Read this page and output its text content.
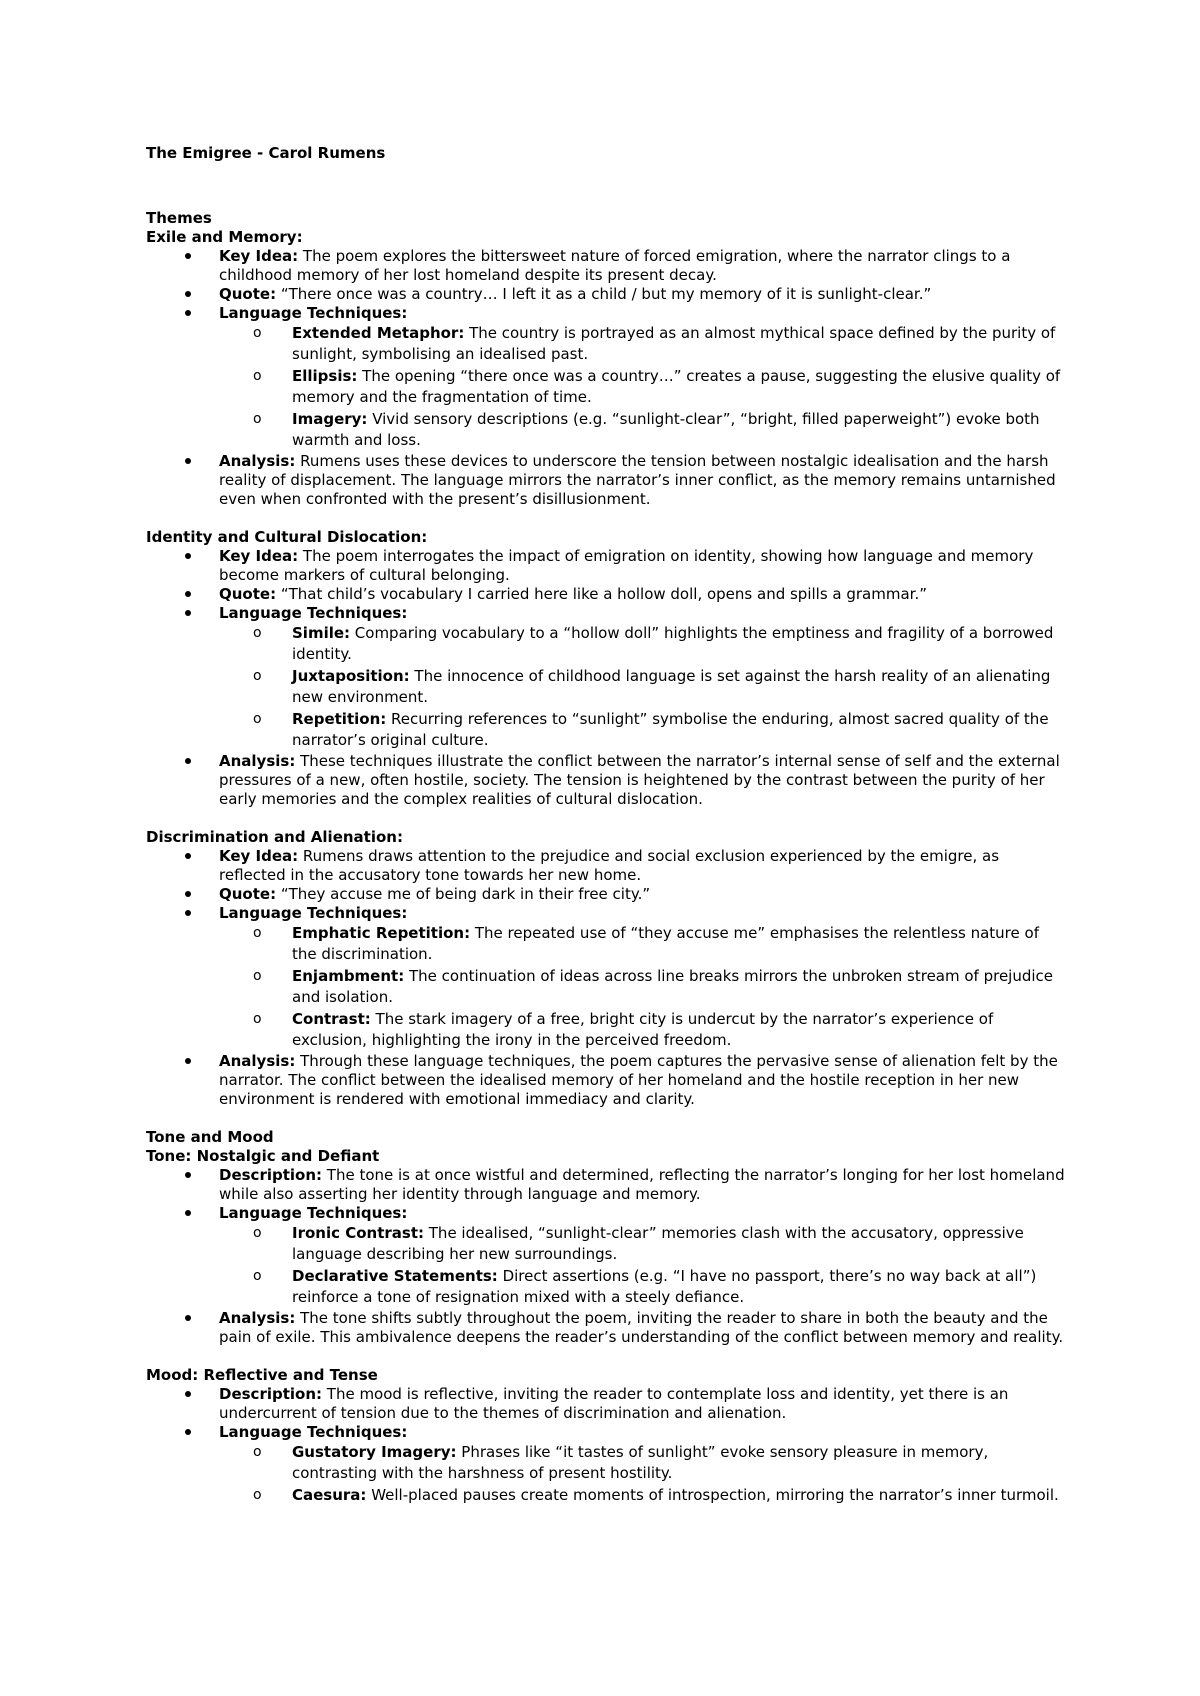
The Emigree - Carol Rumens

Themes

Exile and Memory:

Key Idea: The poem explores the bittersweet nature of forced emigration, where the narrator clings to a childhood memory of her lost homeland despite its present decay.
Quote: “There once was a country… I left it as a child / but my memory of it is sunlight-clear.”
Language Techniques:
o Extended Metaphor: The country is portrayed as an almost mythical space defined by the purity of sunlight, symbolising an idealised past.
o Ellipsis: The opening “there once was a country…” creates a pause, suggesting the elusive quality of memory and the fragmentation of time.
o Imagery: Vivid sensory descriptions (e.g. “sunlight-clear”, “bright, filled paperweight”) evoke both warmth and loss.
Analysis: Rumens uses these devices to underscore the tension between nostalgic idealisation and the harsh reality of displacement. The language mirrors the narrator’s inner conflict, as the memory remains untarnished even when confronted with the present’s disillusionment.

Identity and Cultural Dislocation:

Key Idea: The poem interrogates the impact of emigration on identity, showing how language and memory become markers of cultural belonging.
Quote: “That child’s vocabulary I carried here like a hollow doll, opens and spills a grammar.”
Language Techniques:
o Simile: Comparing vocabulary to a “hollow doll” highlights the emptiness and fragility of a borrowed identity.
o Juxtaposition: The innocence of childhood language is set against the harsh reality of an alienating new environment.
o Repetition: Recurring references to “sunlight” symbolise the enduring, almost sacred quality of the narrator’s original culture.
Analysis: These techniques illustrate the conflict between the narrator’s internal sense of self and the external pressures of a new, often hostile, society. The tension is heightened by the contrast between the purity of her early memories and the complex realities of cultural dislocation.

Discrimination and Alienation:

Key Idea: Rumens draws attention to the prejudice and social exclusion experienced by the emigre, as reflected in the accusatory tone towards her new home.
Quote: “They accuse me of being dark in their free city.”
Language Techniques:
o Emphatic Repetition: The repeated use of “they accuse me” emphasises the relentless nature of the discrimination.
o Enjambment: The continuation of ideas across line breaks mirrors the unbroken stream of prejudice and isolation.
o Contrast: The stark imagery of a free, bright city is undercut by the narrator’s experience of exclusion, highlighting the irony in the perceived freedom.
Analysis: Through these language techniques, the poem captures the pervasive sense of alienation felt by the narrator. The conflict between the idealised memory of her homeland and the hostile reception in her new environment is rendered with emotional immediacy and clarity.

Tone and Mood

Tone: Nostalgic and Defiant

Description: The tone is at once wistful and determined, reflecting the narrator’s longing for her lost homeland while also asserting her identity through language and memory.
Language Techniques:
o Ironic Contrast: The idealised, “sunlight-clear” memories clash with the accusatory, oppressive language describing her new surroundings.
o Declarative Statements: Direct assertions (e.g. “I have no passport, there’s no way back at all”) reinforce a tone of resignation mixed with a steely defiance.
Analysis: The tone shifts subtly throughout the poem, inviting the reader to share in both the beauty and the pain of exile. This ambivalence deepens the reader’s understanding of the conflict between memory and reality.

Mood: Reflective and Tense

Description: The mood is reflective, inviting the reader to contemplate loss and identity, yet there is an undercurrent of tension due to the themes of discrimination and alienation.
Language Techniques:
o Gustatory Imagery: Phrases like “it tastes of sunlight” evoke sensory pleasure in memory, contrasting with the harshness of present hostility.
o Caesura: Well-placed pauses create moments of introspection, mirroring the narrator’s inner turmoil.
